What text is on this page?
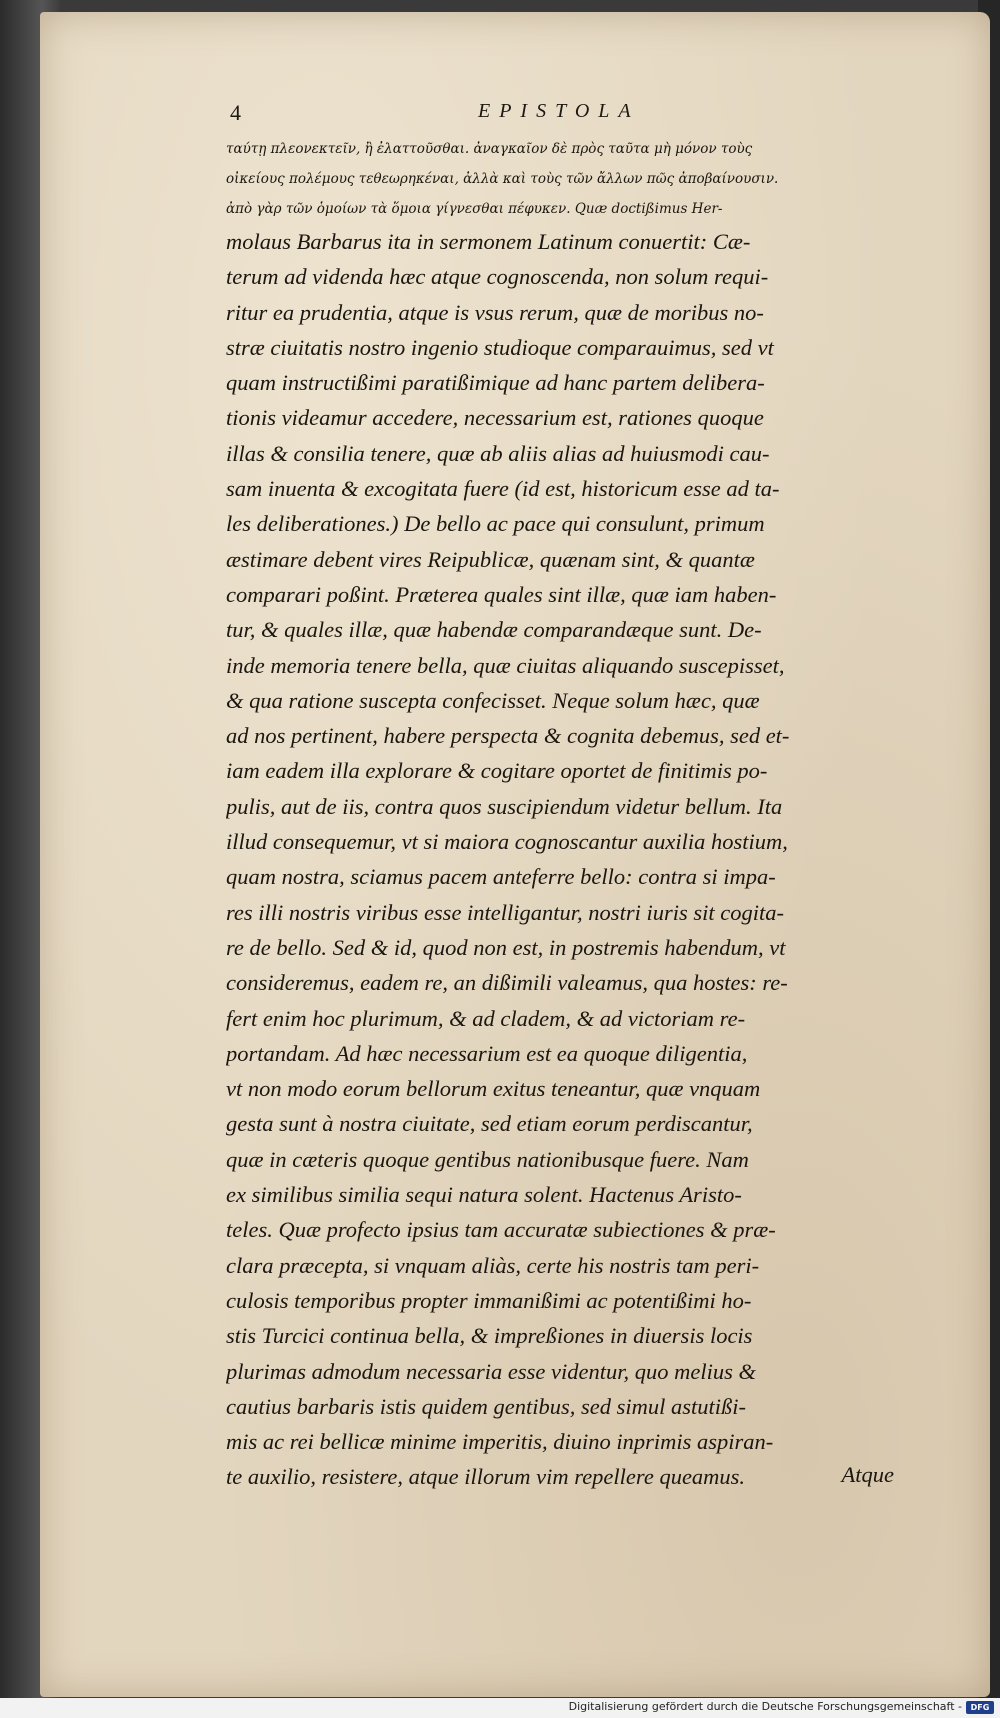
4	EPISTOLA
ταύτῃ πλεονεκτεῖν, ἢ ἐλαττοῦσθαι. ἀναγκαῖον δὲ πρὸς ταῦτα μὴ μόνον τοὺς
οἰκείους πολέμους τεθεωρηκέναι, ἀλλὰ καὶ τοὺς τῶν ἄλλων πῶς ἀποβαίνουσιν.
ἀπὸ γὰρ τῶν ὁμοίων τὰ ὅμοια γίγνεσθαι πέφυκεν. Quæ doctißimus Her-
molaus Barbarus ita in sermonem Latinum conuertit: Cæ-
terum ad videnda hæc atque cognoscenda, non solum requi-
ritur ea prudentia, atque is vsus rerum, quæ de moribus no-
stræ ciuitatis nostro ingenio studioque comparauimus, sed vt
quam instructißimi paratißimique ad hanc partem delibera-
tionis videamur accedere, necessarium est, rationes quoque
illas & consilia tenere, quæ ab aliis alias ad huiusmodi cau-
sam inuenta & excogitata fuere (id est, historicum esse ad ta-
les deliberationes.) De bello ac pace qui consulunt, primum
æstimare debent vires Reipublicæ, quænam sint, & quantæ
comparari poßint. Præterea quales sint illæ, quæ iam haben-
tur, & quales illæ, quæ habendæ comparandæque sunt. De-
inde memoria tenere bella, quæ ciuitas aliquando suscepisset,
& qua ratione suscepta confecisset. Neque solum hæc, quæ
ad nos pertinent, habere perspecta & cognita debemus, sed et-
iam eadem illa explorare & cogitare oportet de finitimis po-
pulis, aut de iis, contra quos suscipiendum videtur bellum. Ita
illud consequemur, vt si maiora cognoscantur auxilia hostium,
quam nostra, sciamus pacem anteferre bello: contra si impa-
res illi nostris viribus esse intelligantur, nostri iuris sit cogita-
re de bello. Sed & id, quod non est, in postremis habendum, vt
consideremus, eadem re, an dißimili valeamus, qua hostes: re-
fert enim hoc plurimum, & ad cladem, & ad victoriam re-
portandam. Ad hæc necessarium est ea quoque diligentia,
vt non modo eorum bellorum exitus teneantur, quæ vnquam
gesta sunt à nostra ciuitate, sed etiam eorum perdiscantur,
quæ in cæteris quoque gentibus nationibusque fuere. Nam
ex similibus similia sequi natura solent. Hactenus Aristo-
teles. Quæ profecto ipsius tam accuratæ subiectiones & præ-
clara præcepta, si vnquam aliàs, certe his nostris tam peri-
culosis temporibus propter immanißimi ac potentißimi ho-
stis Turcici continua bella, & impreßiones in diuersis locis
plurimas admodum necessaria esse videntur, quo melius &
cautius barbaris istis quidem gentibus, sed simul astutißi-
mis ac rei bellicæ minime imperitis, diuino inprimis aspiran-
te auxilio, resistere, atque illorum vim repellere queamus.	Atque
Digitalisierung gefördert durch die Deutsche Forschungsgemeinschaft -	DFG
